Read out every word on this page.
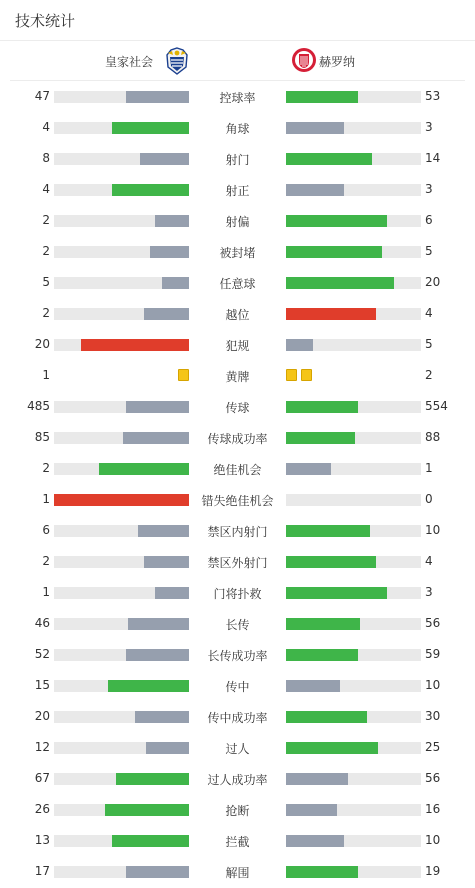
技术统计
皇家社会	赫罗纳
47	控球率	53
4	角球	3
8	射门	14
4	射正	3
2	射偏	6
2	被封堵	5
5	任意球	20
2	越位	4
20	犯规	5
1	黄牌	2
485	传球	554
85	传球成功率	88
2	绝佳机会	1
1	错失绝佳机会	0
6	禁区内射门	10
2	禁区外射门	4
1	门将扑救	3
46	长传	56
52	长传成功率	59
15	传中	10
20	传中成功率	30
12	过人	25
67	过人成功率	56
26	抢断	16
13	拦截	10
17	解围	19
